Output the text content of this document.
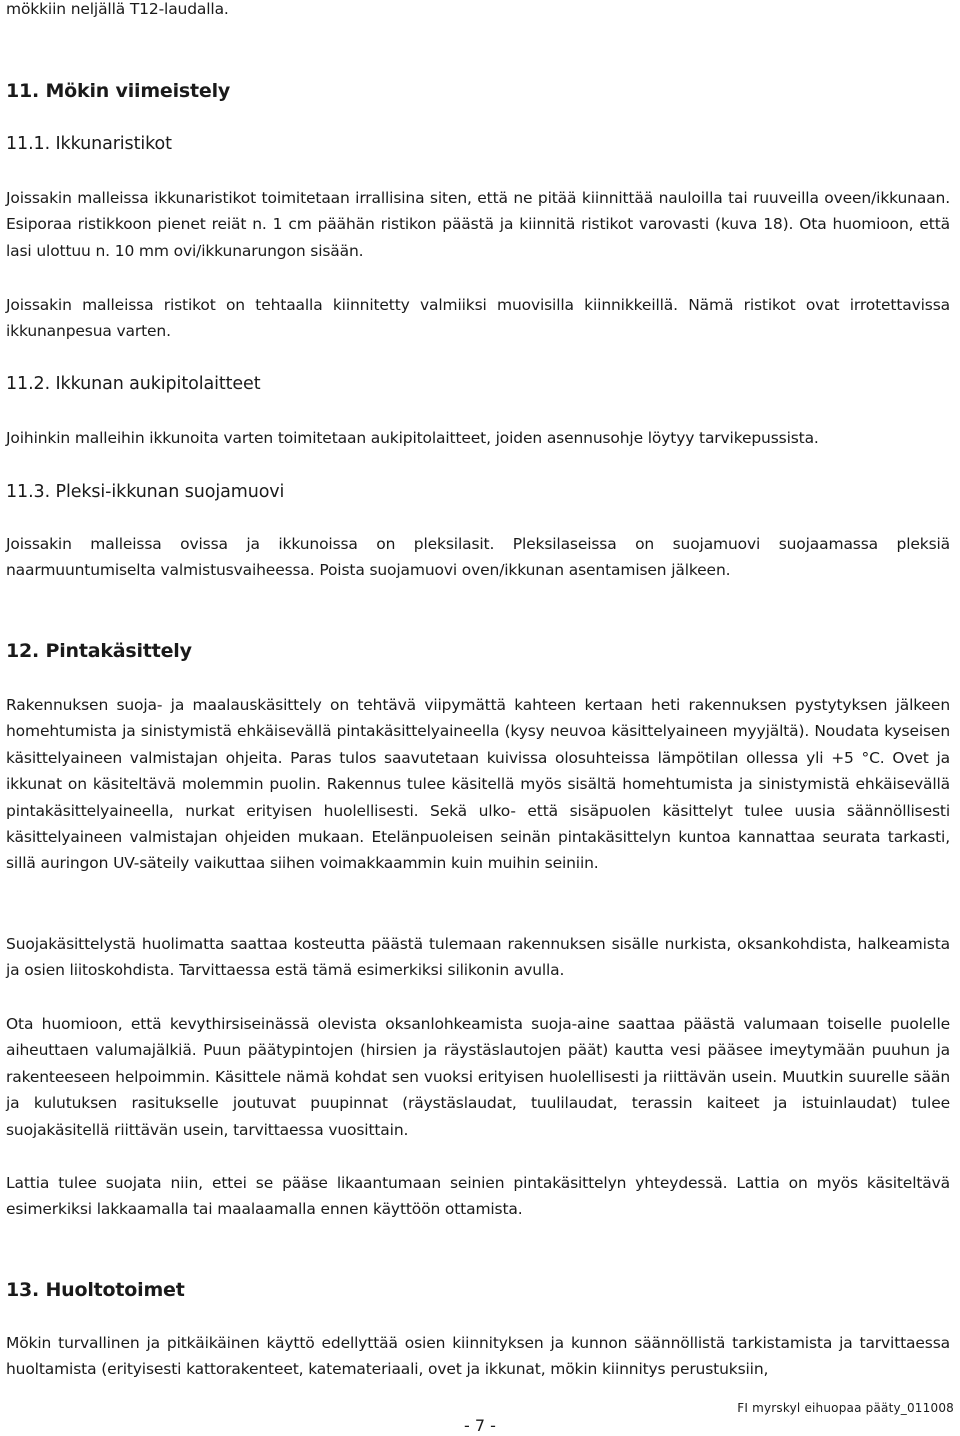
mökkiin neljällä T12-laudalla.

11. Mökin viimeistely
11.1. Ikkunaristikot

Joissakin malleissa ikkunaristikot toimitetaan irrallisina siten, että ne pitää kiinnittää nauloilla tai ruuveilla oveen/ikkunaan. Esiporaa ristikkoon pienet reiät n. 1 cm päähän ristikon päästä ja kiinnitä ristikot varovasti (kuva 18). Ota huomioon, että lasi ulottuu n. 10 mm ovi/ikkunarungon sisään.

Joissakin malleissa ristikot on tehtaalla kiinnitetty valmiiksi muovisilla kiinnikkeillä. Nämä ristikot ovat irrotettavissa ikkunanpesua varten.

11.2. Ikkunan aukipitolaitteet

Joihinkin malleihin ikkunoita varten toimitetaan aukipitolaitteet, joiden asennusohje löytyy tarvikepussista.

11.3. Pleksi-ikkunan suojamuovi

Joissakin malleissa ovissa ja ikkunoissa on pleksilasit. Pleksilaseissa on suojamuovi suojaamassa pleksiä naarmuuntumiselta valmistusvaiheessa. Poista suojamuovi oven/ikkunan asentamisen jälkeen.

12. Pintakäsittely

Rakennuksen suoja- ja maalauskäsittely on tehtävä viipymättä kahteen kertaan heti rakennuksen pystytyksen jälkeen homehtumista ja sinistymistä ehkäisevällä pintakäsittelyaineella (kysy neuvoa käsittelyaineen myyjältä). Noudata kyseisen käsittelyaineen valmistajan ohjeita. Paras tulos saavutetaan kuivissa olosuhteissa lämpötilan ollessa yli +5 °C. Ovet ja ikkunat on käsiteltävä molemmin puolin. Rakennus tulee käsitellä myös sisältä homehtumista ja sinistymistä ehkäisevällä pintakäsittelyaineella, nurkat erityisen huolellisesti. Sekä ulko- että sisäpuolen käsittelyt tulee uusia säännöllisesti käsittelyaineen valmistajan ohjeiden mukaan. Etelänpuoleisen seinän pintakäsittelyn kuntoa kannattaa seurata tarkasti, sillä auringon UV-säteily vaikuttaa siihen voimakkaammin kuin muihin seiniin.

Suojakäsittelystä huolimatta saattaa kosteutta päästä tulemaan rakennuksen sisälle nurkista, oksankohdista, halkeamista ja osien liitoskohdista. Tarvittaessa estä tämä esimerkiksi silikonin avulla.

Ota huomioon, että kevythirsiseinässä olevista oksanlohkeamista suoja-aine saattaa päästä valumaan toiselle puolelle aiheuttaen valumajälkiä. Puun päätypintojen (hirsien ja räystäslautojen päät) kautta vesi pääsee imeytymään puuhun ja rakenteeseen helpoimmin. Käsittele nämä kohdat sen vuoksi erityisen huolellisesti ja riittävän usein. Muutkin suurelle sään ja kulutuksen rasitukselle joutuvat puupinnat (räystäslaudat, tuulilaudat, terassin kaiteet ja istuinlaudat) tulee suojakäsitellä riittävän usein, tarvittaessa vuosittain.

Lattia tulee suojata niin, ettei se pääse likaantumaan seinien pintakäsittelyn yhteydessä. Lattia on myös käsiteltävä esimerkiksi lakkaamalla tai maalaamalla ennen käyttöön ottamista.

13. Huoltotoimet

Mökin turvallinen ja pitkäikäinen käyttö edellyttää osien kiinnityksen ja kunnon säännöllistä tarkistamista ja tarvittaessa huoltamista (erityisesti kattorakenteet, katemateriaali, ovet ja ikkunat, mökin kiinnitys perustuksiin,

- 7 -

FI myrskyl eihuopaa pääty_011008
